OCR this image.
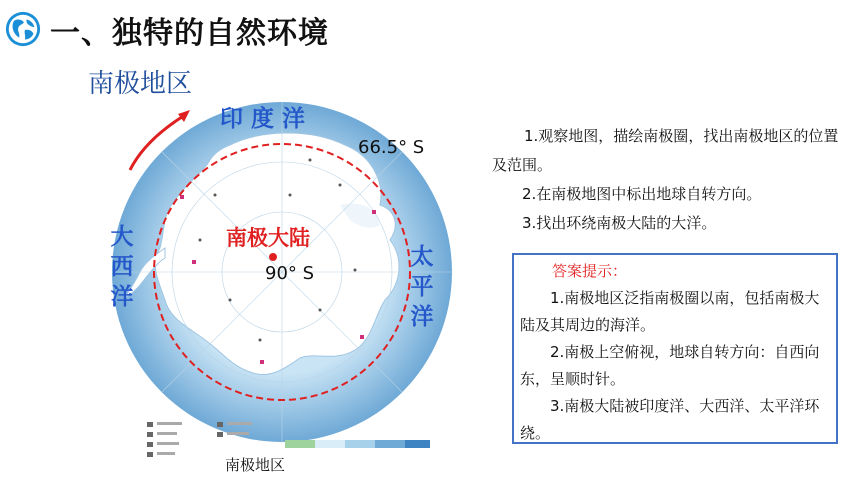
一、独特的自然环境
南极地区
印 度 洋
大
西
洋
太
平
洋
66.5° S
南极大陆
90° S
南极地区

1.观察地图，描绘南极圈，找出南极地区的位置及范围。

2.在南极地图中标出地球自转方向。

3.找出环绕南极大陆的大洋。

答案提示：

1.南极地区泛指南极圈以南，包括南极大陆及其周边的海洋。

2.南极上空俯视，地球自转方向：自西向东，呈顺时针。

3.南极大陆被印度洋、大西洋、太平洋环绕。
